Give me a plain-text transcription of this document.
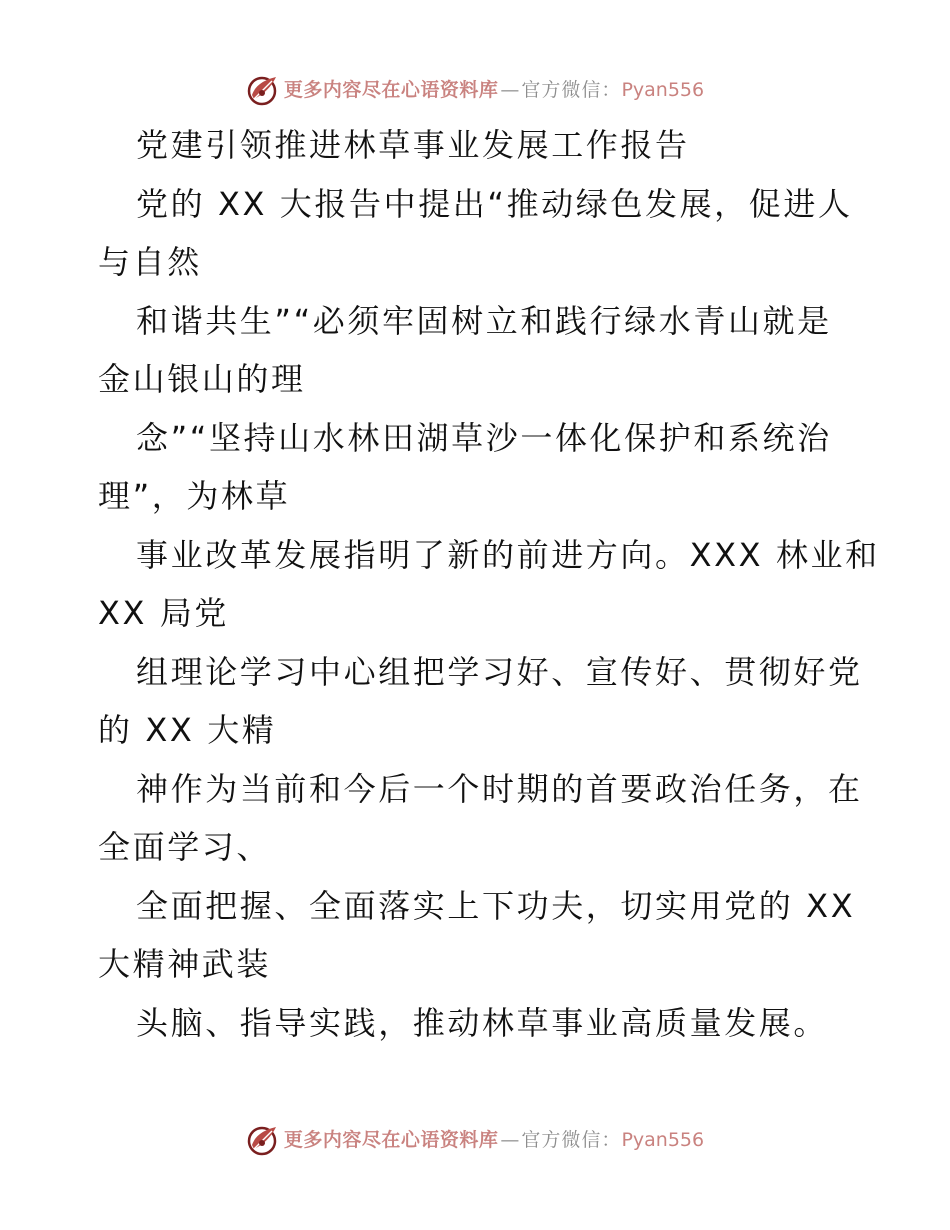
更多内容尽在心语资料库 — 官方微信：Pyan556
党建引领推进林草事业发展工作报告
党的 XX 大报告中提出“推动绿色发展，促进人
与自然
和谐共生”“必须牢固树立和践行绿水青山就是
金山银山的理
念”“坚持山水林田湖草沙一体化保护和系统治
理”，为林草
事业改革发展指明了新的前进方向。XXX 林业和
XX 局党
组理论学习中心组把学习好、宣传好、贯彻好党
的 XX 大精
神作为当前和今后一个时期的首要政治任务，在
全面学习、
全面把握、全面落实上下功夫，切实用党的 XX
大精神武装
头脑、指导实践，推动林草事业高质量发展。
更多内容尽在心语资料库 — 官方微信：Pyan556
